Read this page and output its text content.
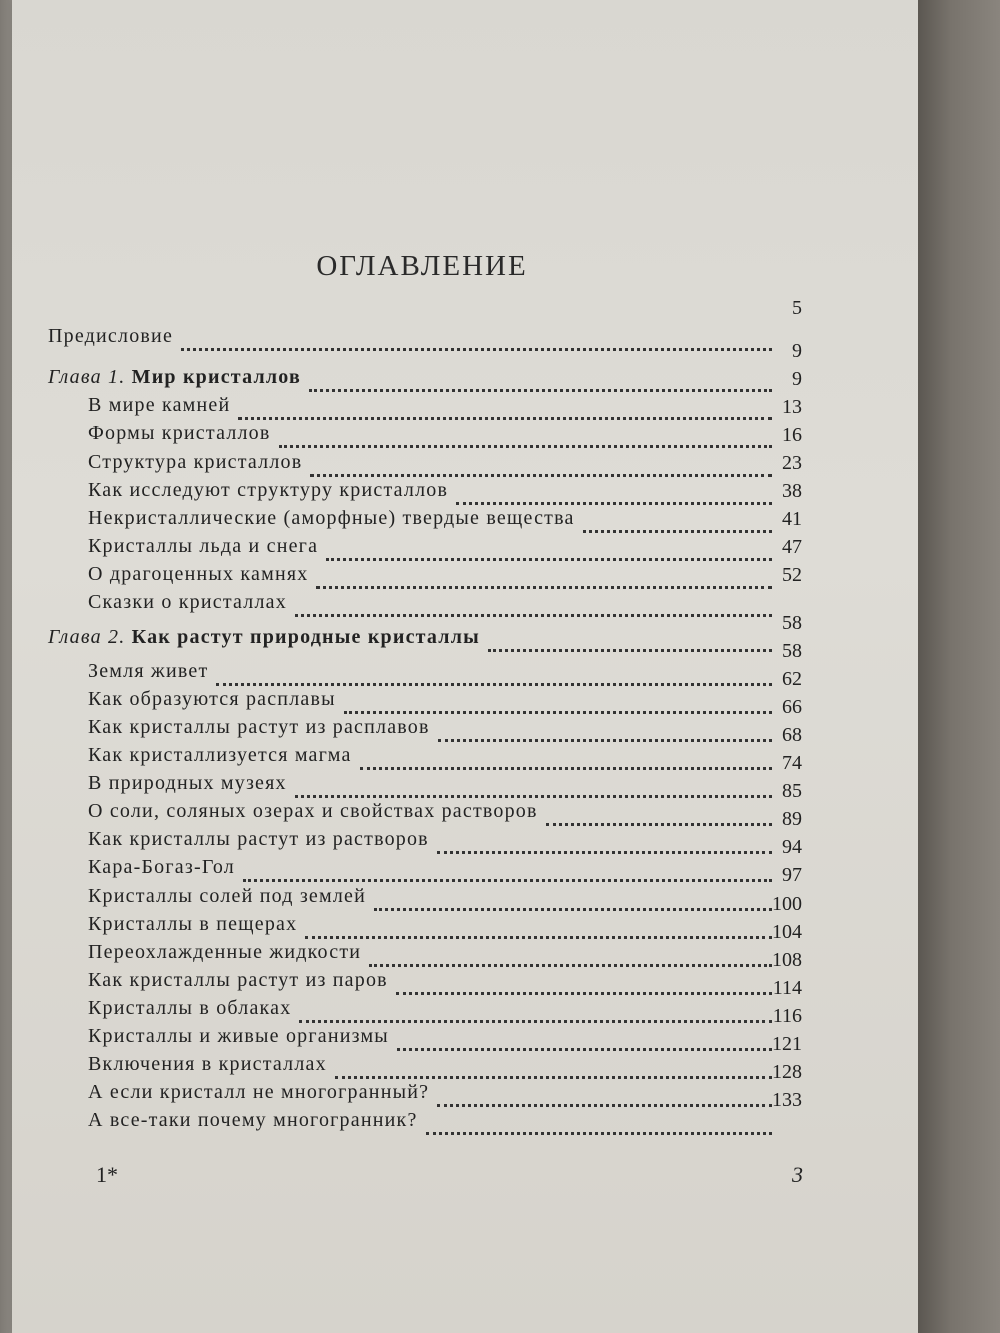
ОГЛАВЛЕНИЕ
Предисловие
5
Глава 1. Мир кристаллов
9
В мире камней
9
Формы кристаллов
13
Структура кристаллов
16
Как исследуют структуру кристаллов
23
Некристаллические (аморфные) твердые вещества
38
Кристаллы льда и снега
41
О драгоценных камнях
47
Сказки о кристаллах
52
Глава 2. Как растут природные кристаллы
58
Земля живет
58
Как образуются расплавы
62
Как кристаллы растут из расплавов
66
Как кристаллизуется магма
68
В природных музеях
74
О соли, соляных озерах и свойствах растворов
85
Как кристаллы растут из растворов
89
Кара-Богаз-Гол
94
Кристаллы солей под землей
97
Кристаллы в пещерах
100
Переохлажденные жидкости
104
Как кристаллы растут из паров
108
Кристаллы в облаках
114
Кристаллы и живые организмы
116
Включения в кристаллах
121
А если кристалл не многогранный?
128
А все-таки почему многогранник?
133
1*	3
